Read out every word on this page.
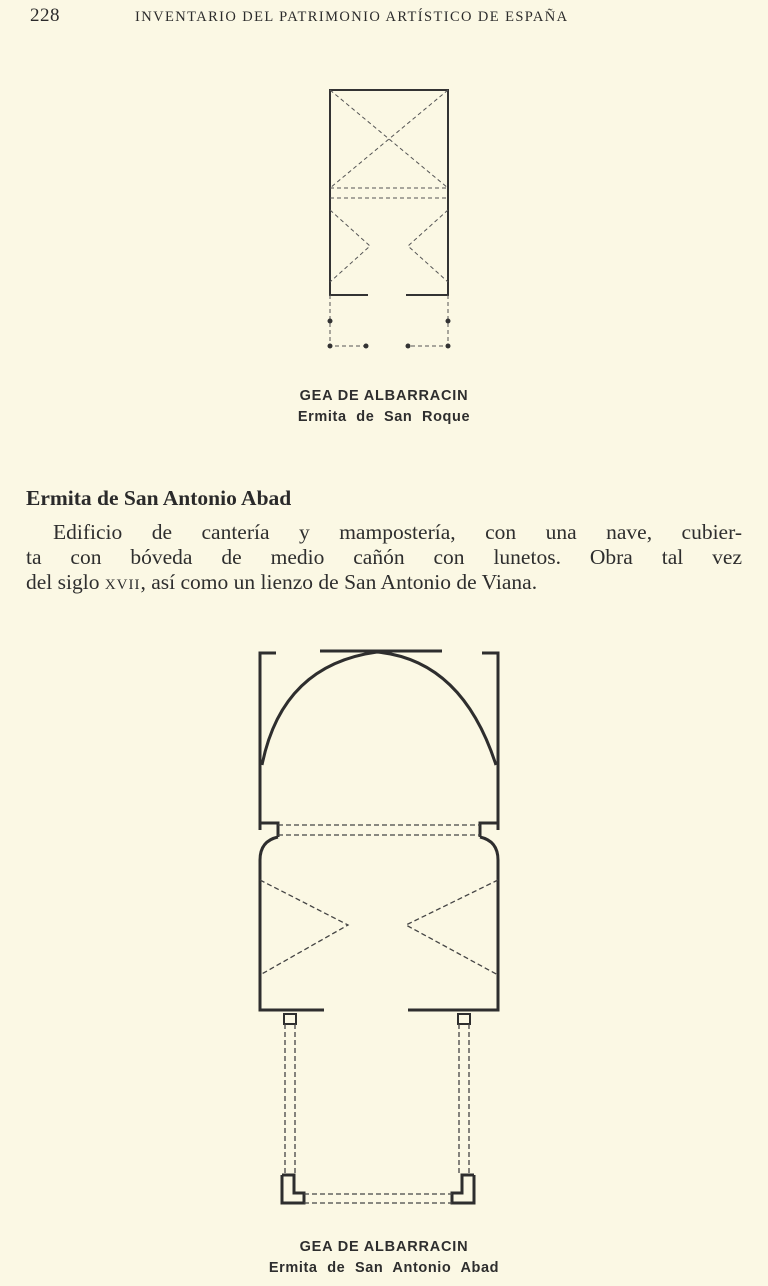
228	INVENTARIO DEL PATRIMONIO ARTÍSTICO DE ESPAÑA
GEA DE ALBARRACIN
Ermita de San Roque
Ermita de San Antonio Abad
Edificio de cantería y mampostería, con una nave, cubier-
ta con bóveda de medio cañón con lunetos. Obra tal vez
del siglo xvii, así como un lienzo de San Antonio de Viana.
GEA DE ALBARRACIN
Ermita de San Antonio Abad
